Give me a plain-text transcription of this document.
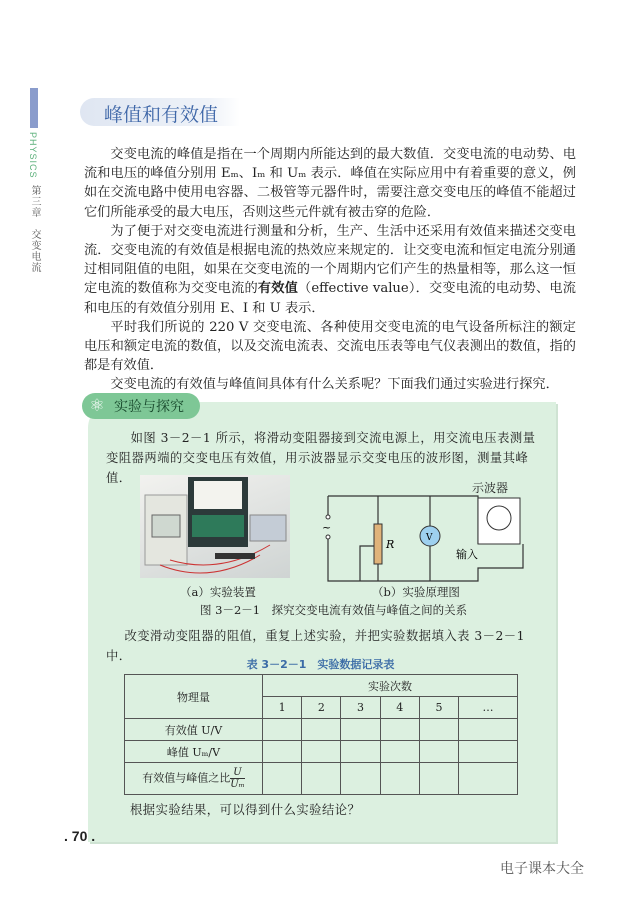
PHYSICS
第三章　交变电流
峰值和有效值

交变电流的峰值是指在一个周期内所能达到的最大数值．交变电流的电动势、电流和电压的峰值分别用 Eₘ、Iₘ 和 Uₘ 表示．峰值在实际应用中有着重要的意义，例如在交流电路中使用电容器、二极管等元器件时，需要注意交变电压的峰值不能超过它们所能承受的最大电压，否则这些元件就有被击穿的危险．

为了便于对交变电流进行测量和分析，生产、生活中还采用有效值来描述交变电流．交变电流的有效值是根据电流的热效应来规定的．让交变电流和恒定电流分别通过相同阻值的电阻，如果在交变电流的一个周期内它们产生的热量相等，那么这一恒定电流的数值称为交变电流的有效值（effective value）．交变电流的电动势、电流和电压的有效值分别用 E、I 和 U 表示．

平时我们所说的 220 V 交变电流、各种使用交变电流的电气设备所标注的额定电压和额定电流的数值，以及交流电流表、交流电压表等电气仪表测出的数值，指的都是有效值．

交变电流的有效值与峰值间具体有什么关系呢？下面我们通过实验进行探究．

⚛ 实验与探究
如图 3－2－1 所示，将滑动变阻器接到交流电源上，用交流电压表测量变阻器两端的交变电压有效值，用示波器显示交变电压的波形图，测量其峰值．
~
R	V
输入
示波器
（a）实验装置	（b）实验原理图
图 3－2－1　探究交变电流有效值与峰值之间的关系
改变滑动变阻器的阻值，重复上述实验，并把实验数据填入表 3－2－1 中．
表 3－2－1　实验数据记录表
物理量	实验次数					
	1	2	3	4	5	…
有效值 U/V						
峰值 Uₘ/V						
有效值与峰值之比 $\frac{U}{\text{Uₘ}}$

根据实验结果，可以得到什么实验结论？
. 70 .
电子课本大全
